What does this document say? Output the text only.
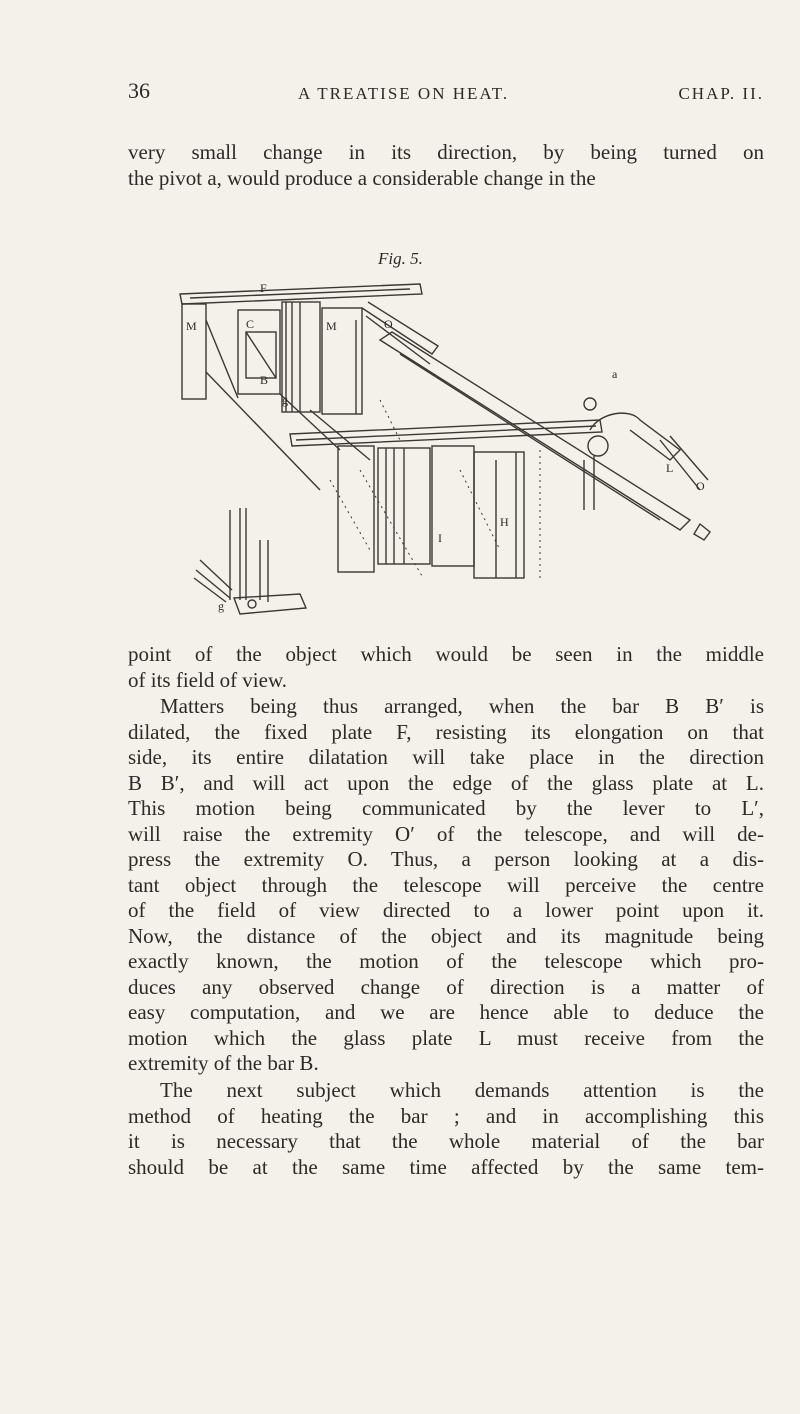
36	A TREATISE ON HEAT.	CHAP. II.
very small change in its direction, by being turned on
the pivot a, would produce a considerable change in the
Fig. 5.
F
M	C	M	O
a
B
g
L
O
H
I
g
point of the object which would be seen in the middle
of its field of view.
Matters being thus arranged, when the bar B B′ is
dilated, the fixed plate F, resisting its elongation on that
side, its entire dilatation will take place in the direction
B B′, and will act upon the edge of the glass plate at L.
This motion being communicated by the lever to L′,
will raise the extremity O′ of the telescope, and will de-
press the extremity O. Thus, a person looking at a dis-
tant object through the telescope will perceive the centre
of the field of view directed to a lower point upon it.
Now, the distance of the object and its magnitude being
exactly known, the motion of the telescope which pro-
duces any observed change of direction is a matter of
easy computation, and we are hence able to deduce the
motion which the glass plate L must receive from the
extremity of the bar B.
The next subject which demands attention is the
method of heating the bar ; and in accomplishing this
it is necessary that the whole material of the bar
should be at the same time affected by the same tem-
